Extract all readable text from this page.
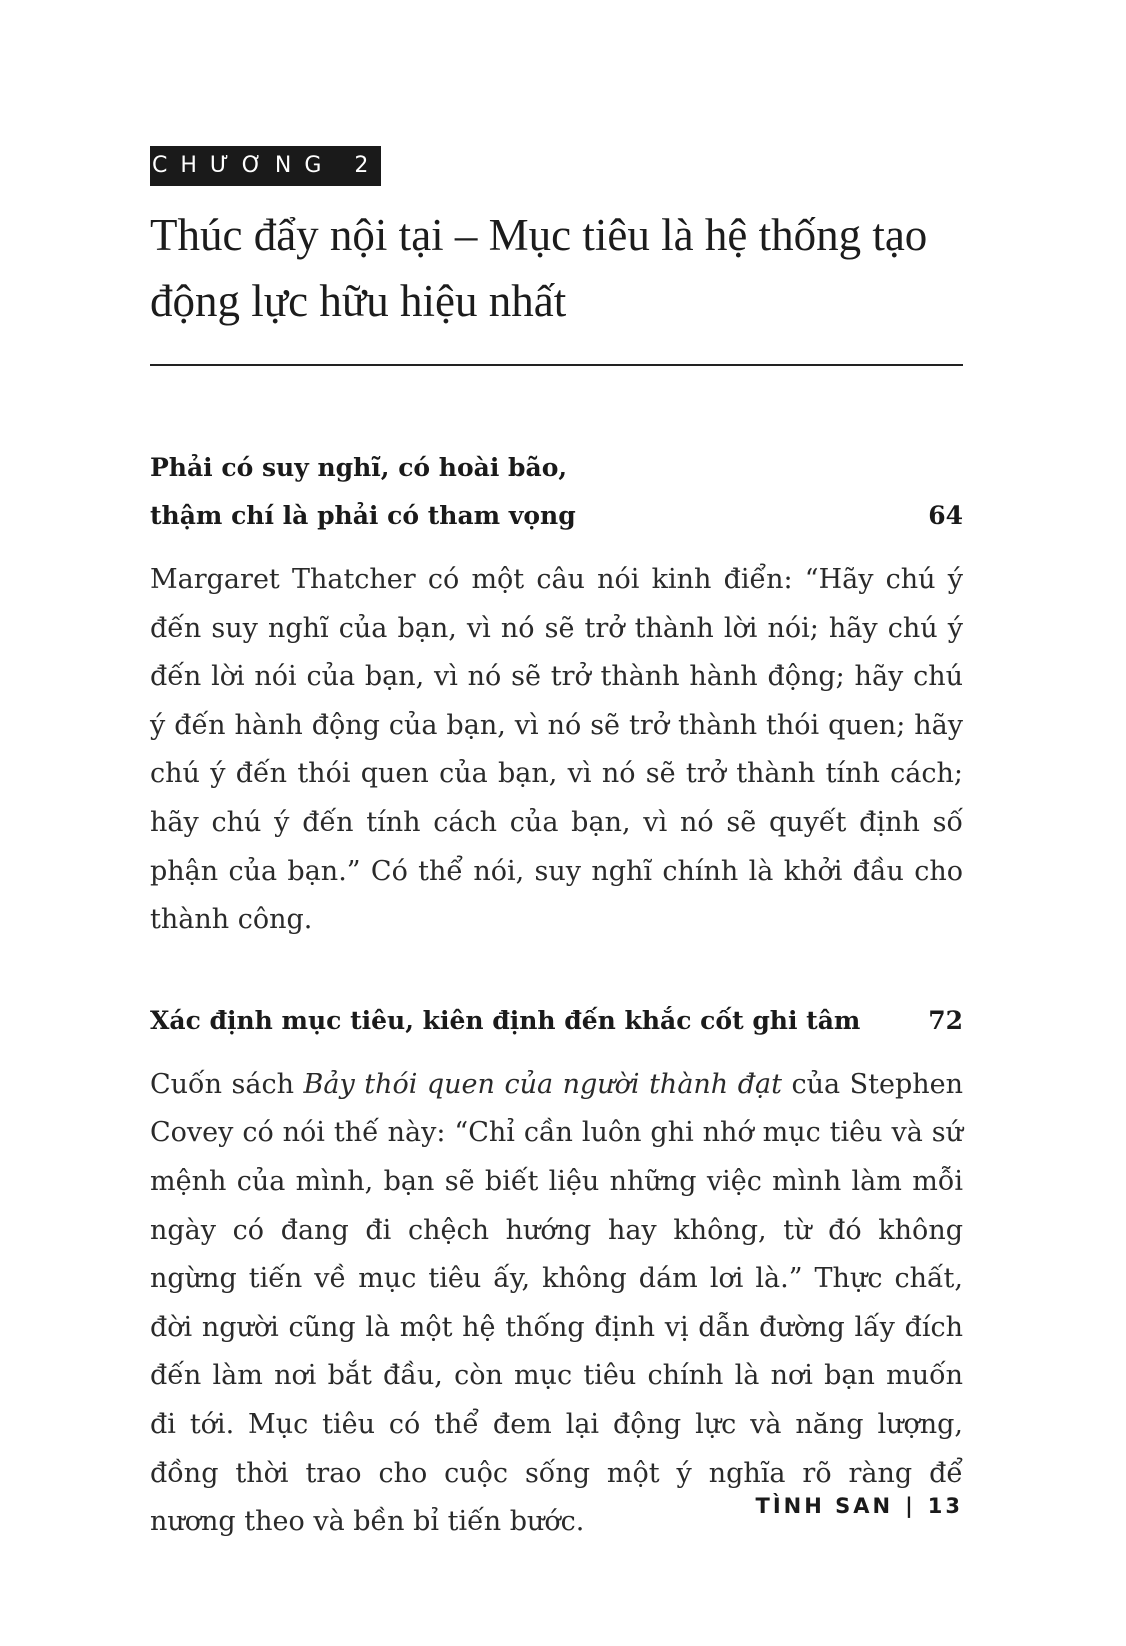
CHƯƠNG 2
Thúc đẩy nội tại – Mục tiêu là hệ thống tạo
động lực hữu hiệu nhất
Phải có suy nghĩ, có hoài bão,
thậm chí là phải có tham vọng	64

Margaret Thatcher có một câu nói kinh điển: “Hãy chú ý đến suy nghĩ của bạn, vì nó sẽ trở thành lời nói; hãy chú ý đến lời nói của bạn, vì nó sẽ trở thành hành động; hãy chú ý đến hành động của bạn, vì nó sẽ trở thành thói quen; hãy chú ý đến thói quen của bạn, vì nó sẽ trở thành tính cách; hãy chú ý đến tính cách của bạn, vì nó sẽ quyết định số phận của bạn.” Có thể nói, suy nghĩ chính là khởi đầu cho thành công.

Xác định mục tiêu, kiên định đến khắc cốt ghi tâm	72

Cuốn sách Bảy thói quen của người thành đạt của Stephen Covey có nói thế này: “Chỉ cần luôn ghi nhớ mục tiêu và sứ mệnh của mình, bạn sẽ biết liệu những việc mình làm mỗi ngày có đang đi chệch hướng hay không, từ đó không ngừng tiến về mục tiêu ấy, không dám lơi là.” Thực chất, đời người cũng là một hệ thống định vị dẫn đường lấy đích đến làm nơi bắt đầu, còn mục tiêu chính là nơi bạn muốn đi tới. Mục tiêu có thể đem lại động lực và năng lượng, đồng thời trao cho cuộc sống một ý nghĩa rõ ràng để nương theo và bền bỉ tiến bước.

TÌNH SAN | 13
